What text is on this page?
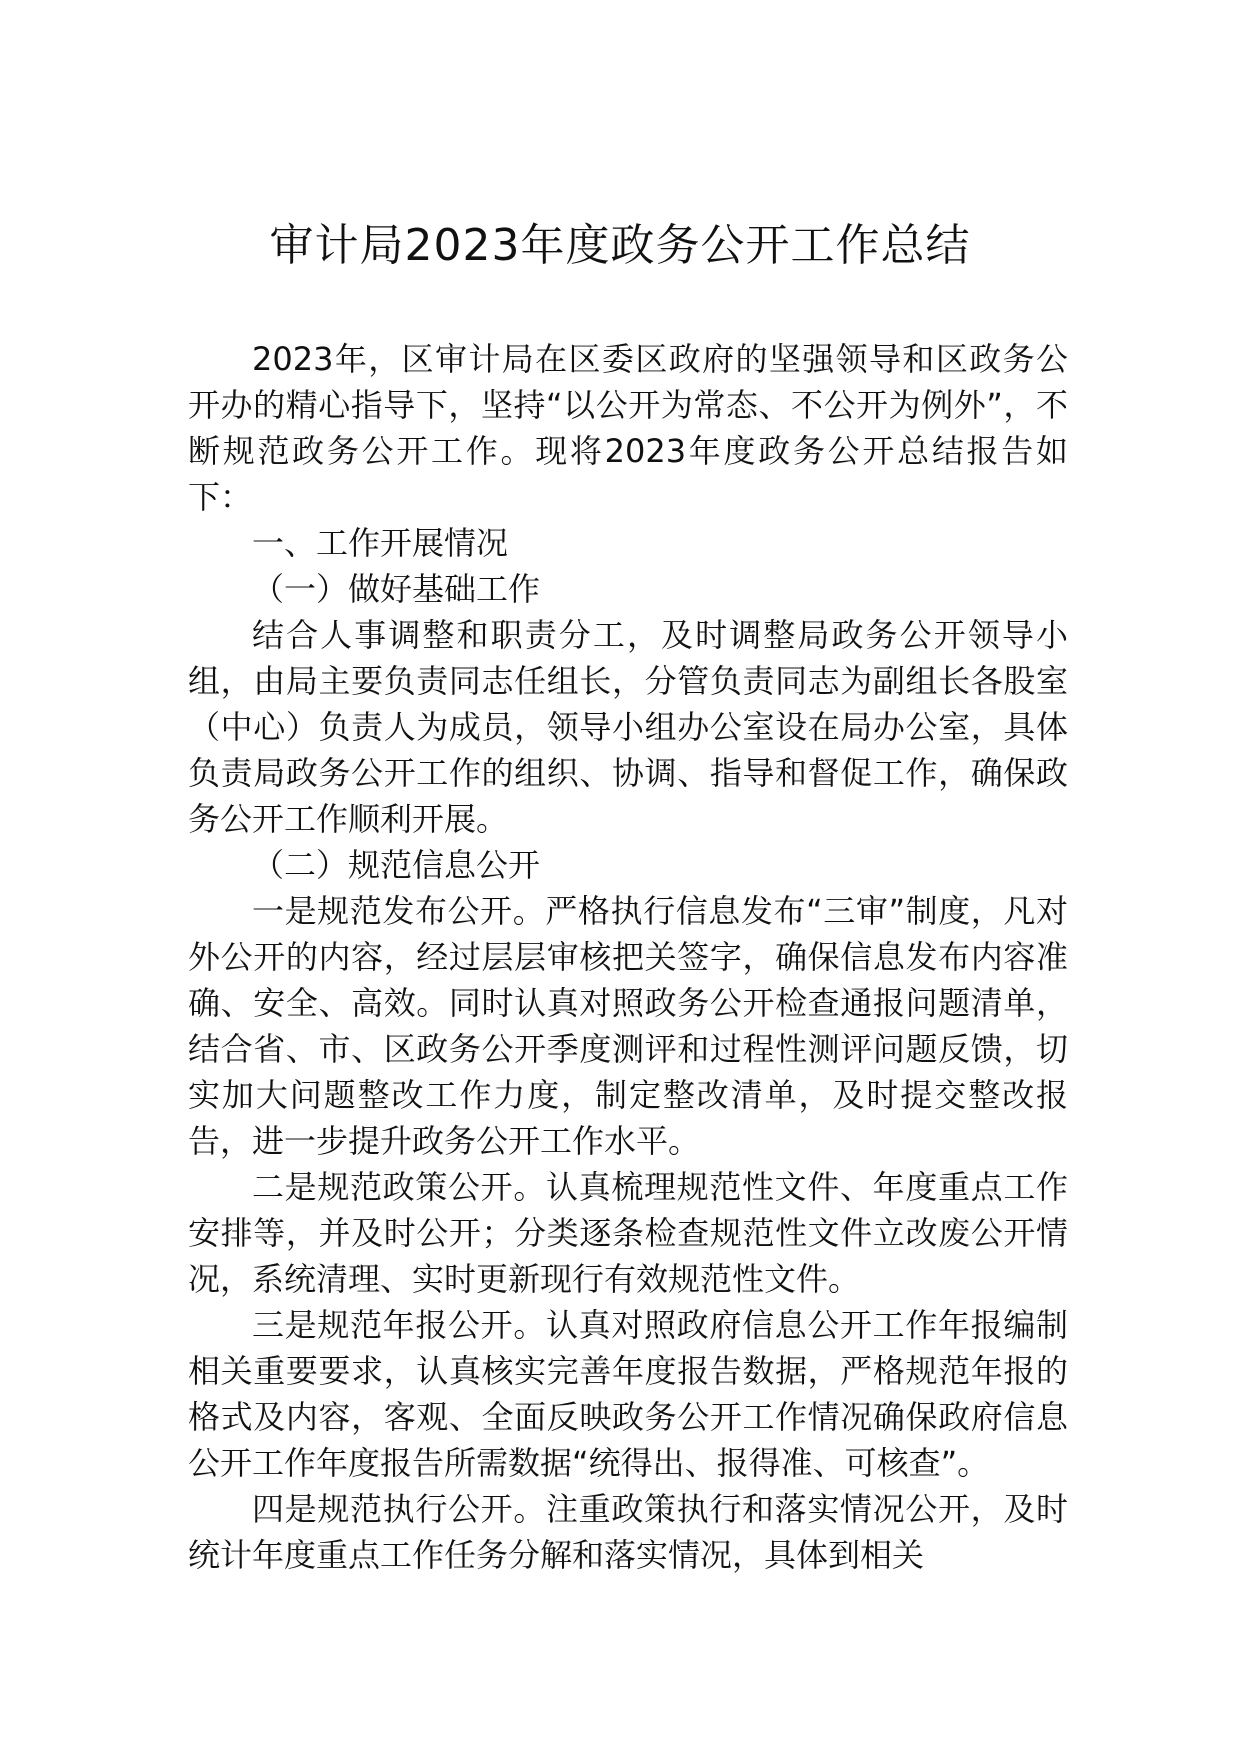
审计局2023年度政务公开工作总结

2023年，区审计局在区委区政府的坚强领导和区政务公开办的精心指导下，坚持“以公开为常态、不公开为例外”，不断规范政务公开工作。现将2023年度政务公开总结报告如下：

一、工作开展情况

（一）做好基础工作

结合人事调整和职责分工，及时调整局政务公开领导小组，由局主要负责同志任组长，分管负责同志为副组长各股室（中心）负责人为成员，领导小组办公室设在局办公室，具体负责局政务公开工作的组织、协调、指导和督促工作，确保政务公开工作顺利开展。

（二）规范信息公开

一是规范发布公开。严格执行信息发布“三审”制度，凡对外公开的内容，经过层层审核把关签字，确保信息发布内容准确、安全、高效。同时认真对照政务公开检查通报问题清单，结合省、市、区政务公开季度测评和过程性测评问题反馈，切实加大问题整改工作力度，制定整改清单，及时提交整改报告，进一步提升政务公开工作水平。

二是规范政策公开。认真梳理规范性文件、年度重点工作安排等，并及时公开；分类逐条检查规范性文件立改废公开情况，系统清理、实时更新现行有效规范性文件。

三是规范年报公开。认真对照政府信息公开工作年报编制相关重要要求，认真核实完善年度报告数据，严格规范年报的格式及内容，客观、全面反映政务公开工作情况确保政府信息公开工作年度报告所需数据“统得出、报得准、可核查”。

四是规范执行公开。注重政策执行和落实情况公开，及时统计年度重点工作任务分解和落实情况，具体到相关
